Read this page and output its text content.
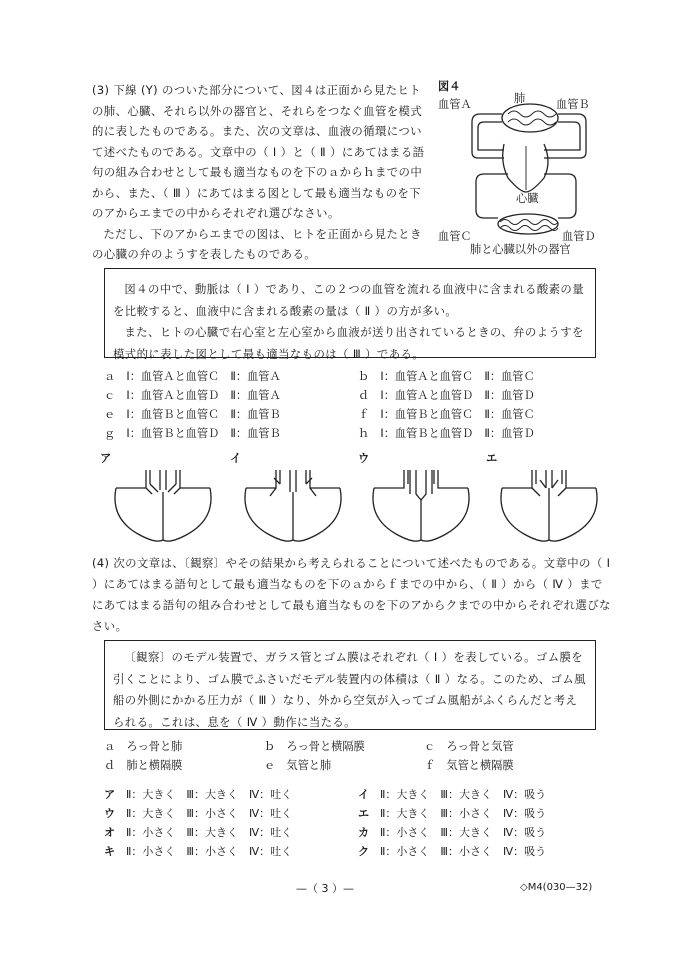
(3) 下線 (Y) のついた部分について、図４は正面から見たヒトの肺、心臓、それら以外の器官と、それらをつなぐ血管を模式的に表したものである。また、次の文章は、血液の循環について述べたものである。文章中の（ Ⅰ ）と（ Ⅱ ）にあてはまる語句の組み合わせとして最も適当なものを下のａからｈまでの中から、また、（ Ⅲ ）にあてはまる図として最も適当なものを下のアからエまでの中からそれぞれ選びなさい。

ただし、下のアからエまでの図は、ヒトを正面から見たときの心臓の弁のようすを表したものである。

図４
血管Ａ	肺	血管Ｂ
心臓
血管Ｃ	血管Ｄ
肺と心臓以外の器官

図４の中で、動脈は（ Ⅰ ）であり、この２つの血管を流れる血液中に含まれる酸素の量を比較すると、血液中に含まれる酸素の量は（ Ⅱ ）の方が多い。

また、ヒトの心臓で右心室と左心室から血液が送り出されているときの、弁のようすを模式的に表した図として最も適当なものは（ Ⅲ ）である。

ａ　 Ⅰ：血管Ａと血管Ｃ　Ⅱ：血管Ａ	ｂ　 Ⅰ：血管Ａと血管Ｃ　Ⅱ：血管Ｃ
ｃ　 Ⅰ：血管Ａと血管Ｄ　Ⅱ：血管Ａ	ｄ　 Ⅰ：血管Ａと血管Ｄ　Ⅱ：血管Ｄ
ｅ　 Ⅰ：血管Ｂと血管Ｃ　Ⅱ：血管Ｂ	ｆ　 Ⅰ：血管Ｂと血管Ｃ　Ⅱ：血管Ｃ
ｇ　 Ⅰ：血管Ｂと血管Ｄ　Ⅱ：血管Ｂ	ｈ　 Ⅰ：血管Ｂと血管Ｄ　Ⅱ：血管Ｄ
ア	イ	ウ	エ

(4) 次の文章は、〔観察〕やその結果から考えられることについて述べたものである。文章中の（ Ⅰ ）にあてはまる語句として最も適当なものを下のａからｆまでの中から、（ Ⅱ ）から（ Ⅳ ）までにあてはまる語句の組み合わせとして最も適当なものを下のアからクまでの中からそれぞれ選びなさい。

〔観察〕のモデル装置で、ガラス管とゴム膜はそれぞれ（ Ⅰ ）を表している。ゴム膜を引くことにより、ゴム膜でふさいだモデル装置内の体積は（ Ⅱ ）なる。このため、ゴム風船の外側にかかる圧力が（ Ⅲ ）なり、外から空気が入ってゴム風船がふくらんだと考えられる。これは、息を（ Ⅳ ）動作に当たる。

ａ　 ろっ骨と肺	ｂ　 ろっ骨と横隔膜	ｃ　 ろっ骨と気管
ｄ　 肺と横隔膜	ｅ　 気管と肺	ｆ　 気管と横隔膜
ア　 Ⅱ：大きく　Ⅲ：大きく　Ⅳ：吐く	イ　 Ⅱ：大きく　Ⅲ：大きく　Ⅳ：吸う
ウ　 Ⅱ：大きく　Ⅲ：小さく　Ⅳ：吐く	エ　 Ⅱ：大きく　Ⅲ：小さく　Ⅳ：吸う
オ　 Ⅱ：小さく　Ⅲ：大きく　Ⅳ：吐く	カ　 Ⅱ：小さく　Ⅲ：大きく　Ⅳ：吸う
キ　 Ⅱ：小さく　Ⅲ：小さく　Ⅳ：吐く	ク　 Ⅱ：小さく　Ⅲ：小さく　Ⅳ：吸う
—（ 3 ）—	◇M4(030—32)
